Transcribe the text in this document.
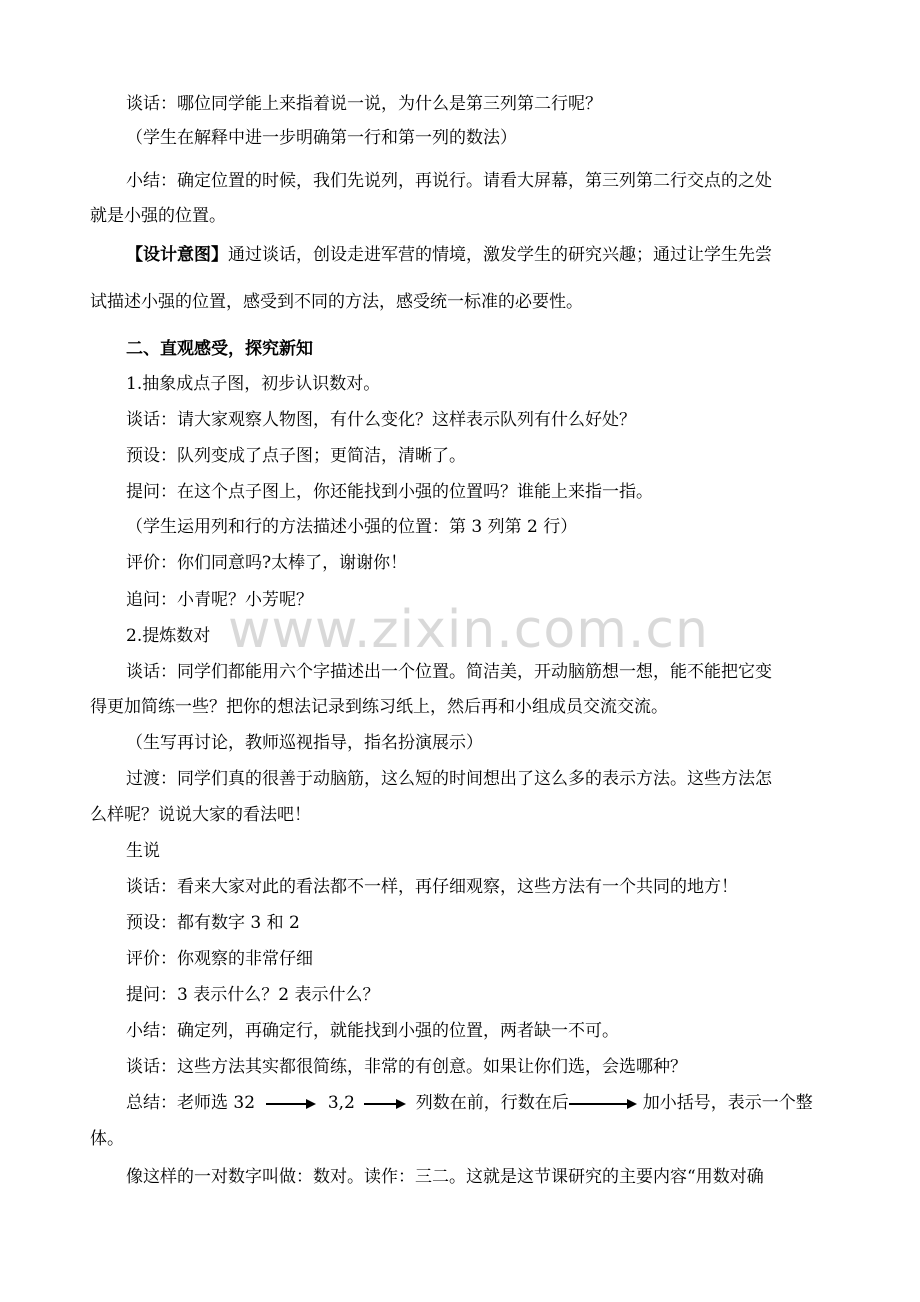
www.zixin.com.cn
谈话：哪位同学能上来指着说一说，为什么是第三列第二行呢？
（学生在解释中进一步明确第一行和第一列的数法）
小结：确定位置的时候，我们先说列，再说行。请看大屏幕，第三列第二行交点的之处
就是小强的位置。
【设计意图】通过谈话，创设走进军营的情境，激发学生的研究兴趣；通过让学生先尝
试描述小强的位置，感受到不同的方法，感受统一标准的必要性。
二、直观感受，探究新知
1.抽象成点子图，初步认识数对。
谈话：请大家观察人物图，有什么变化？这样表示队列有什么好处？
预设：队列变成了点子图；更简洁，清晰了。
提问：在这个点子图上，你还能找到小强的位置吗？谁能上来指一指。
（学生运用列和行的方法描述小强的位置：第 3 列第 2 行）
评价：你们同意吗?太棒了，谢谢你！
追问：小青呢？小芳呢？
2.提炼数对
谈话：同学们都能用六个字描述出一个位置。简洁美，开动脑筋想一想，能不能把它变
得更加简练一些？把你的想法记录到练习纸上，然后再和小组成员交流交流。
（生写再讨论，教师巡视指导，指名扮演展示）
过渡：同学们真的很善于动脑筋，这么短的时间想出了这么多的表示方法。这些方法怎
么样呢？说说大家的看法吧！
生说
谈话：看来大家对此的看法都不一样，再仔细观察，这些方法有一个共同的地方！
预设：都有数字 3 和 2
评价：你观察的非常仔细
提问：3 表示什么？2 表示什么？
小结：确定列，再确定行，就能找到小强的位置，两者缺一不可。
谈话：这些方法其实都很简练，非常的有创意。如果让你们选，会选哪种？
总结：老师选 32	3,2	列数在前，行数在后	加小括号，表示一个整
体。
像这样的一对数字叫做：数对。读作：三二。这就是这节课研究的主要内容“用数对确
